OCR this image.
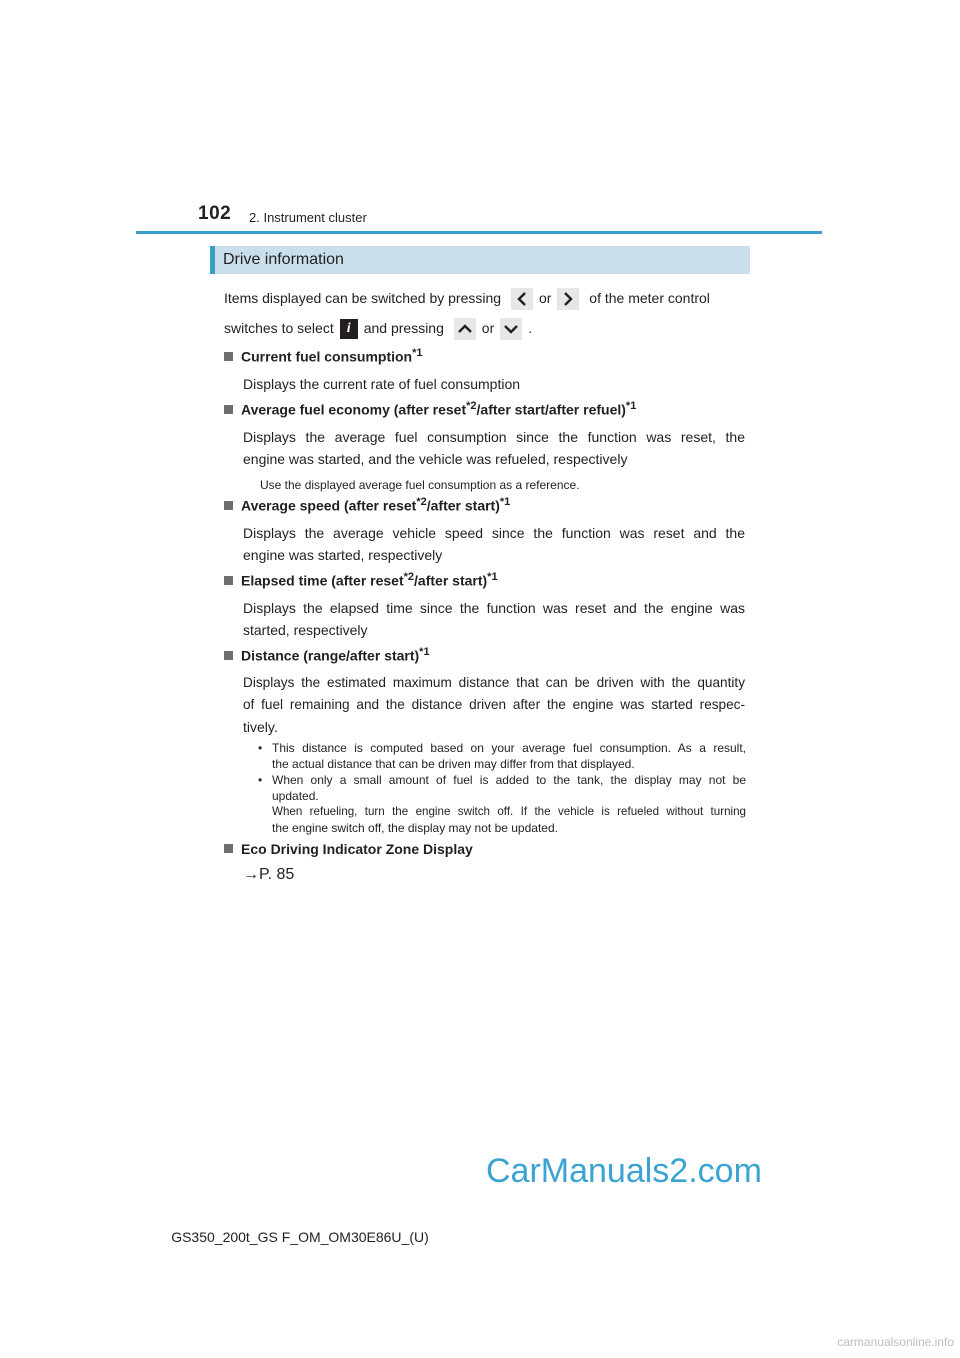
102 2. Instrument cluster
Drive information
Items displayed can be switched by pressing	or	of the meter control
switches to select i and pressing	or .
Current fuel consumption$^{*1}$
Displays the current rate of fuel consumption
Average fuel economy (after reset$^{*2}$/after start/after refuel)$^{*1}$
Displays the average fuel consumption since the function was reset, the
engine was started, and the vehicle was refueled, respectively
Use the displayed average fuel consumption as a reference.
Average speed (after reset$^{*2}$/after start)$^{*1}$
Displays the average vehicle speed since the function was reset and the
engine was started, respectively
Elapsed time (after reset$^{*2}$/after start)$^{*1}$
Displays the elapsed time since the function was reset and the engine was
started, respectively
Distance (range/after start)$^{*1}$
Displays the estimated maximum distance that can be driven with the quantity
of fuel remaining and the distance driven after the engine was started respec-
tively.
• This distance is computed based on your average fuel consumption. As a result,
the actual distance that can be driven may differ from that displayed.
• When only a small amount of fuel is added to the tank, the display may not be
updated.
When refueling, turn the engine switch off. If the vehicle is refueled without turning
the engine switch off, the display may not be updated.
Eco Driving Indicator Zone Display
→P. 85
CarManuals2.com
GS350_200t_GS F_OM_OM30E86U_(U)
carmanualsonline.info
